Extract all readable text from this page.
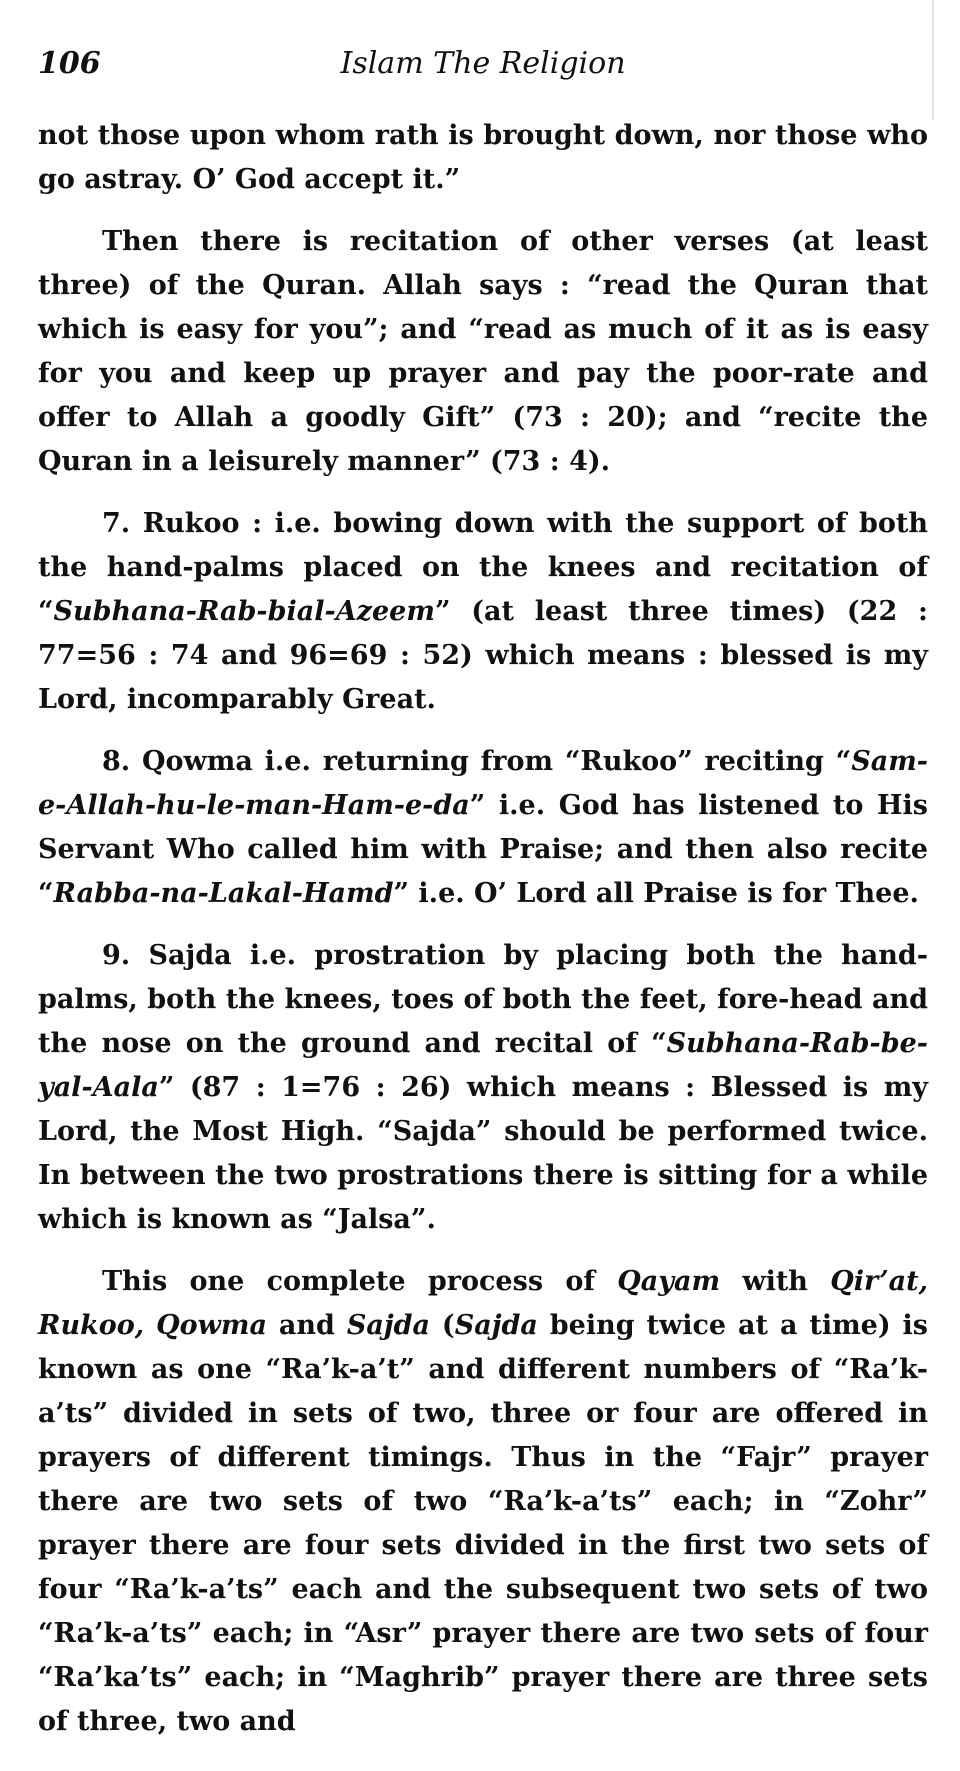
106	Islam The Religion

not those upon whom rath is brought down, nor those who go astray. O’ God accept it.”

Then there is recitation of other verses (at least three) of the Quran. Allah says : “read the Quran that which is easy for you”; and “read as much of it as is easy for you and keep up prayer and pay the poor-rate and offer to Allah a goodly Gift” (73 : 20); and “recite the Quran in a leisurely manner” (73 : 4).

7. Rukoo : i.e. bowing down with the support of both the hand-palms placed on the knees and recitation of “Subhana-Rab-bial-Azeem” (at least three times) (22 : 77=56 : 74 and 96=69 : 52) which means : blessed is my Lord, incomparably Great.

8. Qowma i.e. returning from “Rukoo” reciting “Sam-e-Allah-hu-le-man-Ham-e-da” i.e. God has listened to His Servant Who called him with Praise; and then also recite “Rabba-na-Lakal-Hamd” i.e. O’ Lord all Praise is for Thee.

9. Sajda i.e. prostration by placing both the hand-palms, both the knees, toes of both the feet, fore-head and the nose on the ground and recital of “Subhana-Rab-be-yal-Aala” (87 : 1=76 : 26) which means : Blessed is my Lord, the Most High. “Sajda” should be performed twice. In between the two prostrations there is sitting for a while which is known as “Jalsa”.

This one complete process of Qayam with Qir’at, Rukoo, Qowma and Sajda (Sajda being twice at a time) is known as one “Ra’k-a’t” and different numbers of “Ra’k-a’ts” divided in sets of two, three or four are offered in prayers of different timings. Thus in the “Fajr” prayer there are two sets of two “Ra’k-a’ts” each; in “Zohr” prayer there are four sets divided in the first two sets of four “Ra’k-a’ts” each and the subsequent two sets of two “Ra’k-a’ts” each; in “Asr” prayer there are two sets of four “Ra’ka’ts” each; in “Maghrib” prayer there are three sets of three, two and
